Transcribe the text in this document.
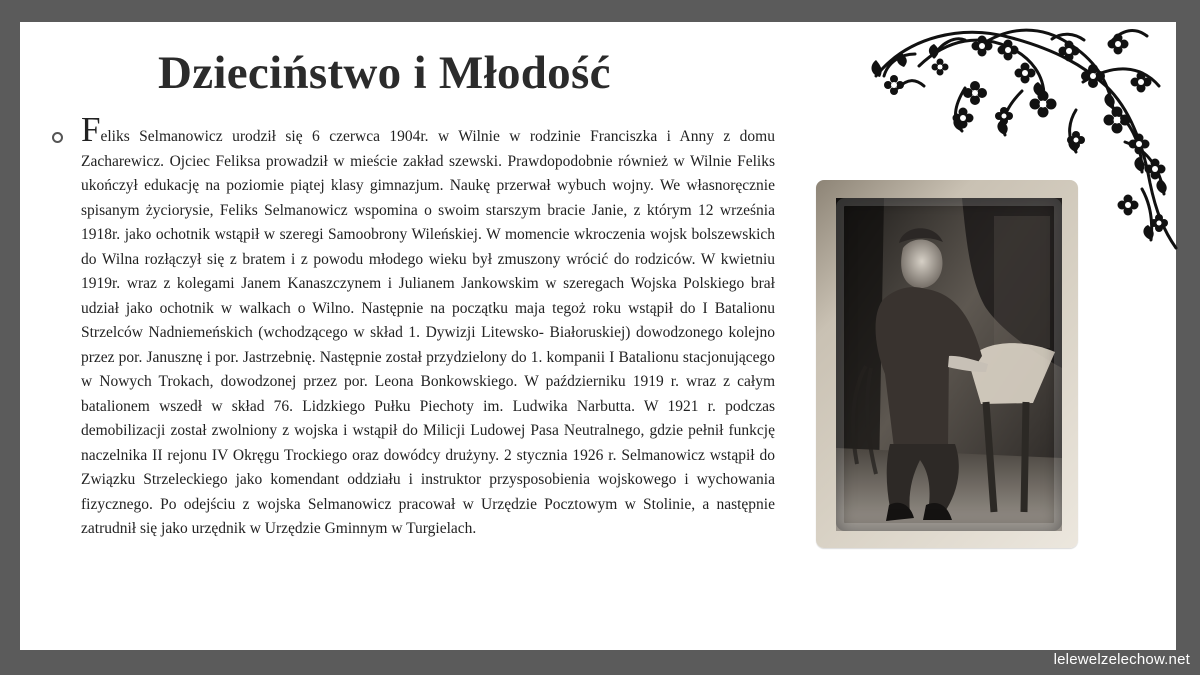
Dzieciństwo i Młodość

Feliks Selmanowicz urodził się 6 czerwca 1904r. w Wilnie w rodzinie Franciszka i Anny z domu Zacharewicz. Ojciec Feliksa prowadził w mieście zakład szewski. Prawdopodobnie również w Wilnie Feliks ukończył edukację na poziomie piątej klasy gimnazjum. Naukę przerwał wybuch wojny. We własnoręcznie spisanym życiorysie, Feliks Selmanowicz wspomina o swoim starszym bracie Janie, z którym 12 września 1918r. jako ochotnik wstąpił w szeregi Samoobrony Wileńskiej. W momencie wkroczenia wojsk bolszewskich do Wilna rozłączył się z bratem i z powodu młodego wieku był zmuszony wrócić do rodziców. W kwietniu 1919r. wraz z kolegami Janem Kanaszczynem i Julianem Jankowskim w szeregach Wojska Polskiego brał udział jako ochotnik w walkach o Wilno. Następnie na początku maja tegoż roku wstąpił do I Batalionu Strzelców Nadniemeńskich (wchodzącego w skład 1. Dywizji Litewsko- Białoruskiej) dowodzonego kolejno przez por. Janusznę i por. Jastrzebnię. Następnie został przydzielony do 1. kompanii I Batalionu stacjonującego w Nowych Trokach, dowodzonej przez por. Leona Bonkowskiego. W październiku 1919 r. wraz z całym batalionem wszedł w skład 76. Lidzkiego Pułku Piechoty im. Ludwika Narbutta. W 1921 r. podczas demobilizacji został zwolniony z wojska i wstąpił do Milicji Ludowej Pasa Neutralnego, gdzie pełnił funkcję naczelnika II rejonu IV Okręgu Trockiego oraz dowódcy drużyny. 2 stycznia 1926 r. Selmanowicz wstąpił do Związku Strzeleckiego jako komendant oddziału i instruktor przysposobienia wojskowego i wychowania fizycznego. Po odejściu z wojska Selmanowicz pracował w Urzędzie Pocztowym w Stolinie, a następnie zatrudnił się jako urzędnik w Urzędzie Gminnym w Turgielach.

lelewelzelechow.net
